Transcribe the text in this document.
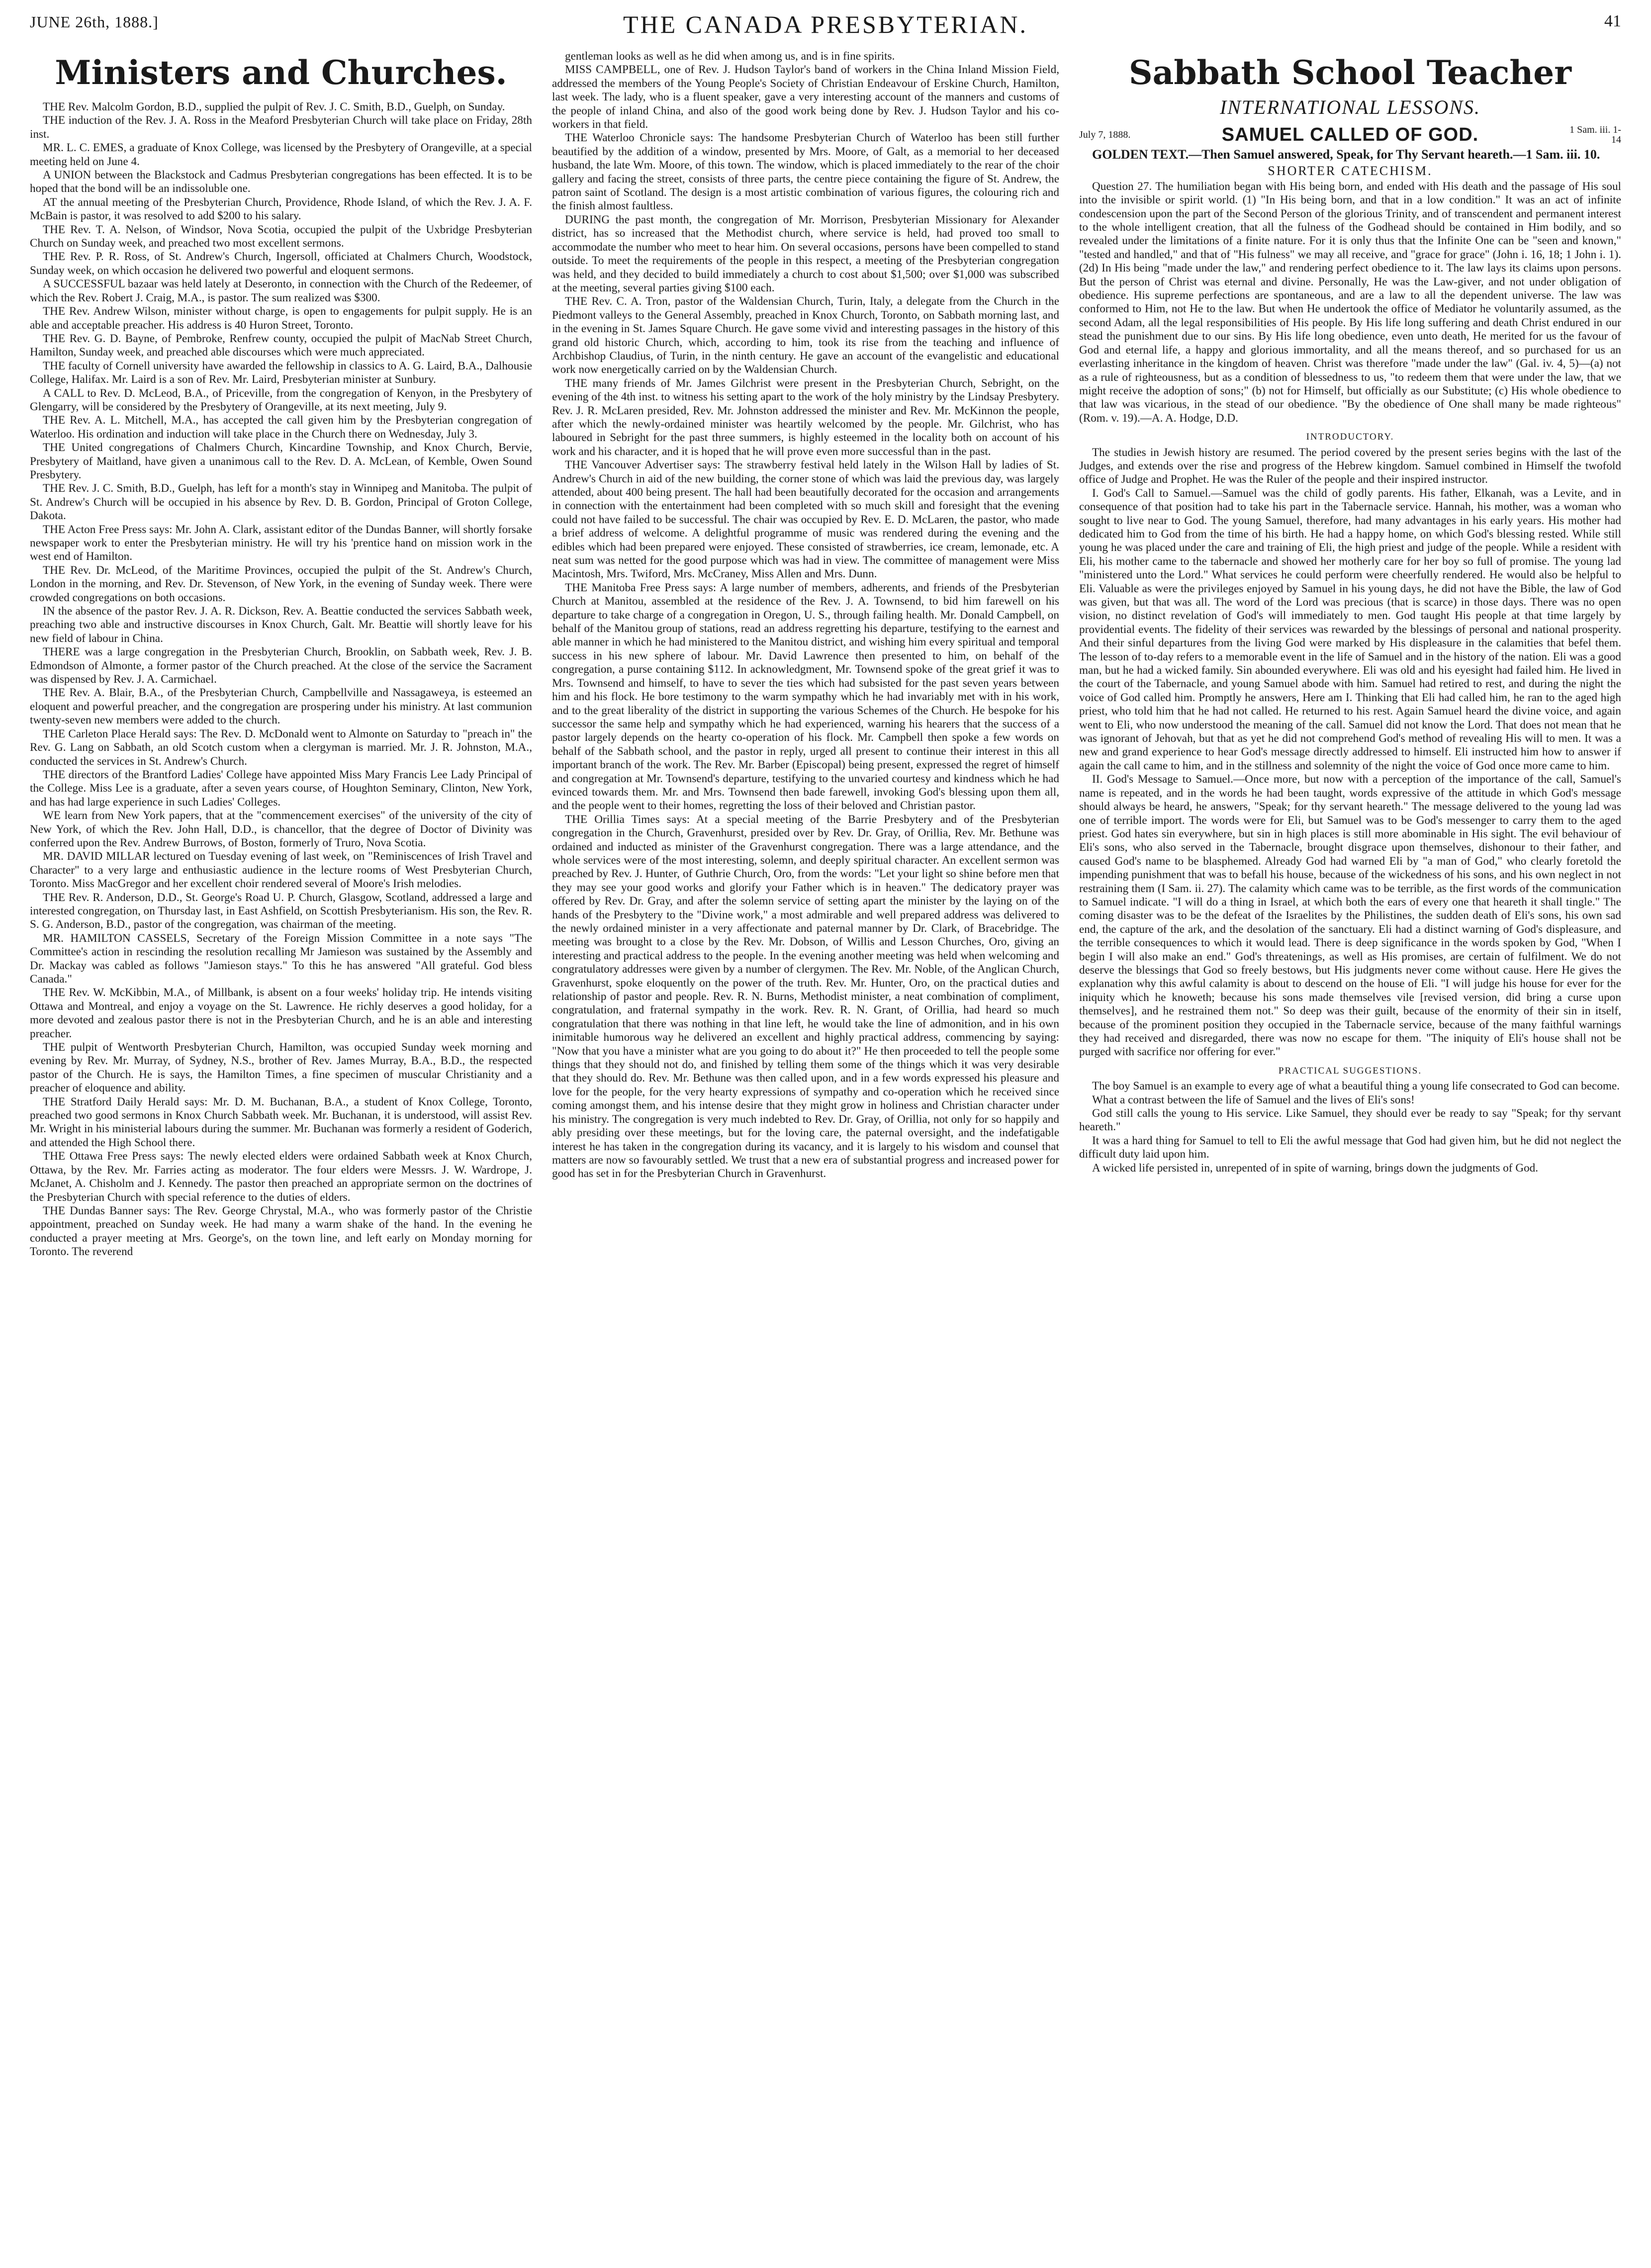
JUNE 26th, 1888.]	THE CANADA PRESBYTERIAN.	41
Ministers and Churches.

THE Rev. Malcolm Gordon, B.D., supplied the pulpit of Rev. J. C. Smith, B.D., Guelph, on Sunday.

THE induction of the Rev. J. A. Ross in the Meaford Presbyterian Church will take place on Friday, 28th inst.

MR. L. C. EMES, a graduate of Knox College, was licensed by the Presbytery of Orangeville, at a special meeting held on June 4.

A UNION between the Blackstock and Cadmus Presbyterian congregations has been effected. It is to be hoped that the bond will be an indissoluble one.

AT the annual meeting of the Presbyterian Church, Providence, Rhode Island, of which the Rev. J. A. F. McBain is pastor, it was resolved to add $200 to his salary.

THE Rev. T. A. Nelson, of Windsor, Nova Scotia, occupied the pulpit of the Uxbridge Presbyterian Church on Sunday week, and preached two most excellent sermons.

THE Rev. P. R. Ross, of St. Andrew's Church, Ingersoll, officiated at Chalmers Church, Woodstock, Sunday week, on which occasion he delivered two powerful and eloquent sermons.

A SUCCESSFUL bazaar was held lately at Deseronto, in connection with the Church of the Redeemer, of which the Rev. Robert J. Craig, M.A., is pastor. The sum realized was $300.

THE Rev. Andrew Wilson, minister without charge, is open to engagements for pulpit supply. He is an able and acceptable preacher. His address is 40 Huron Street, Toronto.

THE Rev. G. D. Bayne, of Pembroke, Renfrew county, occupied the pulpit of MacNab Street Church, Hamilton, Sunday week, and preached able discourses which were much appreciated.

THE faculty of Cornell university have awarded the fellowship in classics to A. G. Laird, B.A., Dalhousie College, Halifax. Mr. Laird is a son of Rev. Mr. Laird, Presbyterian minister at Sunbury.

A CALL to Rev. D. McLeod, B.A., of Priceville, from the congregation of Kenyon, in the Presbytery of Glengarry, will be considered by the Presbytery of Orangeville, at its next meeting, July 9.

THE Rev. A. L. Mitchell, M.A., has accepted the call given him by the Presbyterian congregation of Waterloo. His ordination and induction will take place in the Church there on Wednesday, July 3.

THE United congregations of Chalmers Church, Kincardine Township, and Knox Church, Bervie, Presbytery of Maitland, have given a unanimous call to the Rev. D. A. McLean, of Kemble, Owen Sound Presbytery.

THE Rev. J. C. Smith, B.D., Guelph, has left for a month's stay in Winnipeg and Manitoba. The pulpit of St. Andrew's Church will be occupied in his absence by Rev. D. B. Gordon, Principal of Groton College, Dakota.

THE Acton Free Press says: Mr. John A. Clark, assistant editor of the Dundas Banner, will shortly forsake newspaper work to enter the Presbyterian ministry. He will try his 'prentice hand on mission work in the west end of Hamilton.

THE Rev. Dr. McLeod, of the Maritime Provinces, occupied the pulpit of the St. Andrew's Church, London in the morning, and Rev. Dr. Stevenson, of New York, in the evening of Sunday week. There were crowded congregations on both occasions.

IN the absence of the pastor Rev. J. A. R. Dickson, Rev. A. Beattie conducted the services Sabbath week, preaching two able and instructive discourses in Knox Church, Galt. Mr. Beattie will shortly leave for his new field of labour in China.

THERE was a large congregation in the Presbyterian Church, Brooklin, on Sabbath week, Rev. J. B. Edmondson of Almonte, a former pastor of the Church preached. At the close of the service the Sacrament was dispensed by Rev. J. A. Carmichael.

THE Rev. A. Blair, B.A., of the Presbyterian Church, Campbellville and Nassagaweya, is esteemed an eloquent and powerful preacher, and the congregation are prospering under his ministry. At last communion twenty-seven new members were added to the church.

THE Carleton Place Herald says: The Rev. D. McDonald went to Almonte on Saturday to "preach in" the Rev. G. Lang on Sabbath, an old Scotch custom when a clergyman is married. Mr. J. R. Johnston, M.A., conducted the services in St. Andrew's Church.

THE directors of the Brantford Ladies' College have appointed Miss Mary Francis Lee Lady Principal of the College. Miss Lee is a graduate, after a seven years course, of Houghton Seminary, Clinton, New York, and has had large experience in such Ladies' Colleges.

WE learn from New York papers, that at the "commencement exercises" of the university of the city of New York, of which the Rev. John Hall, D.D., is chancellor, that the degree of Doctor of Divinity was conferred upon the Rev. Andrew Burrows, of Boston, formerly of Truro, Nova Scotia.

MR. DAVID MILLAR lectured on Tuesday evening of last week, on "Reminiscences of Irish Travel and Character" to a very large and enthusiastic audience in the lecture rooms of West Presbyterian Church, Toronto. Miss MacGregor and her excellent choir rendered several of Moore's Irish melodies.

THE Rev. R. Anderson, D.D., St. George's Road U. P. Church, Glasgow, Scotland, addressed a large and interested congregation, on Thursday last, in East Ashfield, on Scottish Presbyterianism. His son, the Rev. R. S. G. Anderson, B.D., pastor of the congregation, was chairman of the meeting.

MR. HAMILTON CASSELS, Secretary of the Foreign Mission Committee in a note says "The Committee's action in rescinding the resolution recalling Mr Jamieson was sustained by the Assembly and Dr. Mackay was cabled as follows "Jamieson stays." To this he has answered "All grateful. God bless Canada."

THE Rev. W. McKibbin, M.A., of Millbank, is absent on a four weeks' holiday trip. He intends visiting Ottawa and Montreal, and enjoy a voyage on the St. Lawrence. He richly deserves a good holiday, for a more devoted and zealous pastor there is not in the Presbyterian Church, and he is an able and interesting preacher.

THE pulpit of Wentworth Presbyterian Church, Hamilton, was occupied Sunday week morning and evening by Rev. Mr. Murray, of Sydney, N.S., brother of Rev. James Murray, B.A., B.D., the respected pastor of the Church. He is says, the Hamilton Times, a fine specimen of muscular Christianity and a preacher of eloquence and ability.

THE Stratford Daily Herald says: Mr. D. M. Buchanan, B.A., a student of Knox College, Toronto, preached two good sermons in Knox Church Sabbath week. Mr. Buchanan, it is understood, will assist Rev. Mr. Wright in his ministerial labours during the summer. Mr. Buchanan was formerly a resident of Goderich, and attended the High School there.

THE Ottawa Free Press says: The newly elected elders were ordained Sabbath week at Knox Church, Ottawa, by the Rev. Mr. Farries acting as moderator. The four elders were Messrs. J. W. Wardrope, J. McJanet, A. Chisholm and J. Kennedy. The pastor then preached an appropriate sermon on the doctrines of the Presbyterian Church with special reference to the duties of elders.

THE Dundas Banner says: The Rev. George Chrystal, M.A., who was formerly pastor of the Christie appointment, preached on Sunday week. He had many a warm shake of the hand. In the evening he conducted a prayer meeting at Mrs. George's, on the town line, and left early on Monday morning for Toronto. The reverend

gentleman looks as well as he did when among us, and is in fine spirits.

MISS CAMPBELL, one of Rev. J. Hudson Taylor's band of workers in the China Inland Mission Field, addressed the members of the Young People's Society of Christian Endeavour of Erskine Church, Hamilton, last week. The lady, who is a fluent speaker, gave a very interesting account of the manners and customs of the people of inland China, and also of the good work being done by Rev. J. Hudson Taylor and his co-workers in that field.

THE Waterloo Chronicle says: The handsome Presbyterian Church of Waterloo has been still further beautified by the addition of a window, presented by Mrs. Moore, of Galt, as a memorial to her deceased husband, the late Wm. Moore, of this town. The window, which is placed immediately to the rear of the choir gallery and facing the street, consists of three parts, the centre piece containing the figure of St. Andrew, the patron saint of Scotland. The design is a most artistic combination of various figures, the colouring rich and the finish almost faultless.

DURING the past month, the congregation of Mr. Morrison, Presbyterian Missionary for Alexander district, has so increased that the Methodist church, where service is held, had proved too small to accommodate the number who meet to hear him. On several occasions, persons have been compelled to stand outside. To meet the requirements of the people in this respect, a meeting of the Presbyterian congregation was held, and they decided to build immediately a church to cost about $1,500; over $1,000 was subscribed at the meeting, several parties giving $100 each.

THE Rev. C. A. Tron, pastor of the Waldensian Church, Turin, Italy, a delegate from the Church in the Piedmont valleys to the General Assembly, preached in Knox Church, Toronto, on Sabbath morning last, and in the evening in St. James Square Church. He gave some vivid and interesting passages in the history of this grand old historic Church, which, according to him, took its rise from the teaching and influence of Archbishop Claudius, of Turin, in the ninth century. He gave an account of the evangelistic and educational work now energetically carried on by the Waldensian Church.

THE many friends of Mr. James Gilchrist were present in the Presbyterian Church, Sebright, on the evening of the 4th inst. to witness his setting apart to the work of the holy ministry by the Lindsay Presbytery. Rev. J. R. McLaren presided, Rev. Mr. Johnston addressed the minister and Rev. Mr. McKinnon the people, after which the newly-ordained minister was heartily welcomed by the people. Mr. Gilchrist, who has laboured in Sebright for the past three summers, is highly esteemed in the locality both on account of his work and his character, and it is hoped that he will prove even more successful than in the past.

THE Vancouver Advertiser says: The strawberry festival held lately in the Wilson Hall by ladies of St. Andrew's Church in aid of the new building, the corner stone of which was laid the previous day, was largely attended, about 400 being present. The hall had been beautifully decorated for the occasion and arrangements in connection with the entertainment had been completed with so much skill and foresight that the evening could not have failed to be successful. The chair was occupied by Rev. E. D. McLaren, the pastor, who made a brief address of welcome. A delightful programme of music was rendered during the evening and the edibles which had been prepared were enjoyed. These consisted of strawberries, ice cream, lemonade, etc. A neat sum was netted for the good purpose which was had in view. The committee of management were Miss Macintosh, Mrs. Twiford, Mrs. McCraney, Miss Allen and Mrs. Dunn.

THE Manitoba Free Press says: A large number of members, adherents, and friends of the Presbyterian Church at Manitou, assembled at the residence of the Rev. J. A. Townsend, to bid him farewell on his departure to take charge of a congregation in Oregon, U. S., through failing health. Mr. Donald Campbell, on behalf of the Manitou group of stations, read an address regretting his departure, testifying to the earnest and able manner in which he had ministered to the Manitou district, and wishing him every spiritual and temporal success in his new sphere of labour. Mr. David Lawrence then presented to him, on behalf of the congregation, a purse containing $112. In acknowledgment, Mr. Townsend spoke of the great grief it was to Mrs. Townsend and himself, to have to sever the ties which had subsisted for the past seven years between him and his flock. He bore testimony to the warm sympathy which he had invariably met with in his work, and to the great liberality of the district in supporting the various Schemes of the Church. He bespoke for his successor the same help and sympathy which he had experienced, warning his hearers that the success of a pastor largely depends on the hearty co-operation of his flock. Mr. Campbell then spoke a few words on behalf of the Sabbath school, and the pastor in reply, urged all present to continue their interest in this all important branch of the work. The Rev. Mr. Barber (Episcopal) being present, expressed the regret of himself and congregation at Mr. Townsend's departure, testifying to the unvaried courtesy and kindness which he had evinced towards them. Mr. and Mrs. Townsend then bade farewell, invoking God's blessing upon them all, and the people went to their homes, regretting the loss of their beloved and Christian pastor.

THE Orillia Times says: At a special meeting of the Barrie Presbytery and of the Presbyterian congregation in the Church, Gravenhurst, presided over by Rev. Dr. Gray, of Orillia, Rev. Mr. Bethune was ordained and inducted as minister of the Gravenhurst congregation. There was a large attendance, and the whole services were of the most interesting, solemn, and deeply spiritual character. An excellent sermon was preached by Rev. J. Hunter, of Guthrie Church, Oro, from the words: "Let your light so shine before men that they may see your good works and glorify your Father which is in heaven." The dedicatory prayer was offered by Rev. Dr. Gray, and after the solemn service of setting apart the minister by the laying on of the hands of the Presbytery to the "Divine work," a most admirable and well prepared address was delivered to the newly ordained minister in a very affectionate and paternal manner by Dr. Clark, of Bracebridge. The meeting was brought to a close by the Rev. Mr. Dobson, of Willis and Lesson Churches, Oro, giving an interesting and practical address to the people. In the evening another meeting was held when welcoming and congratulatory addresses were given by a number of clergymen. The Rev. Mr. Noble, of the Anglican Church, Gravenhurst, spoke eloquently on the power of the truth. Rev. Mr. Hunter, Oro, on the practical duties and relationship of pastor and people. Rev. R. N. Burns, Methodist minister, a neat combination of compliment, congratulation, and fraternal sympathy in the work. Rev. R. N. Grant, of Orillia, had heard so much congratulation that there was nothing in that line left, he would take the line of admonition, and in his own inimitable humorous way he delivered an excellent and highly practical address, commencing by saying: "Now that you have a minister what are you going to do about it?" He then proceeded to tell the people some things that they should not do, and finished by telling them some of the things which it was very desirable that they should do. Rev. Mr. Bethune was then called upon, and in a few words expressed his pleasure and love for the people, for the very hearty expressions of sympathy and co-operation which he received since coming amongst them, and his intense desire that they might grow in holiness and Christian character under his ministry. The congregation is very much indebted to Rev. Dr. Gray, of Orillia, not only for so happily and ably presiding over these meetings, but for the loving care, the paternal oversight, and the indefatigable interest he has taken in the congregation during its vacancy, and it is largely to his wisdom and counsel that matters are now so favourably settled. We trust that a new era of substantial progress and increased power for good has set in for the Presbyterian Church in Gravenhurst.

Sabbath School Teacher
INTERNATIONAL LESSONS.
July 7, 1888.	SAMUEL CALLED OF GOD.	1 Sam. iii. 1-14

GOLDEN TEXT.—Then Samuel answered, Speak, for Thy Servant heareth.—1 Sam. iii. 10.

SHORTER CATECHISM.

Question 27. The humiliation began with His being born, and ended with His death and the passage of His soul into the invisible or spirit world. (1) "In His being born, and that in a low condition." It was an act of infinite condescension upon the part of the Second Person of the glorious Trinity, and of transcendent and permanent interest to the whole intelligent creation, that all the fulness of the Godhead should be contained in Him bodily, and so revealed under the limitations of a finite nature. For it is only thus that the Infinite One can be "seen and known," "tested and handled," and that of "His fulness" we may all receive, and "grace for grace" (John i. 16, 18; 1 John i. 1). (2d) In His being "made under the law," and rendering perfect obedience to it. The law lays its claims upon persons. But the person of Christ was eternal and divine. Personally, He was the Law-giver, and not under obligation of obedience. His supreme perfections are spontaneous, and are a law to all the dependent universe. The law was conformed to Him, not He to the law. But when He undertook the office of Mediator he voluntarily assumed, as the second Adam, all the legal responsibilities of His people. By His life long suffering and death Christ endured in our stead the punishment due to our sins. By His life long obedience, even unto death, He merited for us the favour of God and eternal life, a happy and glorious immortality, and all the means thereof, and so purchased for us an everlasting inheritance in the kingdom of heaven. Christ was therefore "made under the law" (Gal. iv. 4, 5)—(a) not as a rule of righteousness, but as a condition of blessedness to us, "to redeem them that were under the law, that we might receive the adoption of sons;" (b) not for Himself, but officially as our Substitute; (c) His whole obedience to that law was vicarious, in the stead of our obedience. "By the obedience of One shall many be made righteous" (Rom. v. 19).—A. A. Hodge, D.D.

INTRODUCTORY.

The studies in Jewish history are resumed. The period covered by the present series begins with the last of the Judges, and extends over the rise and progress of the Hebrew kingdom. Samuel combined in Himself the twofold office of Judge and Prophet. He was the Ruler of the people and their inspired instructor.

I. God's Call to Samuel.—Samuel was the child of godly parents. His father, Elkanah, was a Levite, and in consequence of that position had to take his part in the Tabernacle service. Hannah, his mother, was a woman who sought to live near to God. The young Samuel, therefore, had many advantages in his early years. His mother had dedicated him to God from the time of his birth. He had a happy home, on which God's blessing rested. While still young he was placed under the care and training of Eli, the high priest and judge of the people. While a resident with Eli, his mother came to the tabernacle and showed her motherly care for her boy so full of promise. The young lad "ministered unto the Lord." What services he could perform were cheerfully rendered. He would also be helpful to Eli. Valuable as were the privileges enjoyed by Samuel in his young days, he did not have the Bible, the law of God was given, but that was all. The word of the Lord was precious (that is scarce) in those days. There was no open vision, no distinct revelation of God's will immediately to men. God taught His people at that time largely by providential events. The fidelity of their services was rewarded by the blessings of personal and national prosperity. And their sinful departures from the living God were marked by His displeasure in the calamities that befel them. The lesson of to-day refers to a memorable event in the life of Samuel and in the history of the nation. Eli was a good man, but he had a wicked family. Sin abounded everywhere. Eli was old and his eyesight had failed him. He lived in the court of the Tabernacle, and young Samuel abode with him. Samuel had retired to rest, and during the night the voice of God called him. Promptly he answers, Here am I. Thinking that Eli had called him, he ran to the aged high priest, who told him that he had not called. He returned to his rest. Again Samuel heard the divine voice, and again went to Eli, who now understood the meaning of the call. Samuel did not know the Lord. That does not mean that he was ignorant of Jehovah, but that as yet he did not comprehend God's method of revealing His will to men. It was a new and grand experience to hear God's message directly addressed to himself. Eli instructed him how to answer if again the call came to him, and in the stillness and solemnity of the night the voice of God once more came to him.

II. God's Message to Samuel.—Once more, but now with a perception of the importance of the call, Samuel's name is repeated, and in the words he had been taught, words expressive of the attitude in which God's message should always be heard, he answers, "Speak; for thy servant heareth." The message delivered to the young lad was one of terrible import. The words were for Eli, but Samuel was to be God's messenger to carry them to the aged priest. God hates sin everywhere, but sin in high places is still more abominable in His sight. The evil behaviour of Eli's sons, who also served in the Tabernacle, brought disgrace upon themselves, dishonour to their father, and caused God's name to be blasphemed. Already God had warned Eli by "a man of God," who clearly foretold the impending punishment that was to befall his house, because of the wickedness of his sons, and his own neglect in not restraining them (I Sam. ii. 27). The calamity which came was to be terrible, as the first words of the communication to Samuel indicate. "I will do a thing in Israel, at which both the ears of every one that heareth it shall tingle." The coming disaster was to be the defeat of the Israelites by the Philistines, the sudden death of Eli's sons, his own sad end, the capture of the ark, and the desolation of the sanctuary. Eli had a distinct warning of God's displeasure, and the terrible consequences to which it would lead. There is deep significance in the words spoken by God, "When I begin I will also make an end." God's threatenings, as well as His promises, are certain of fulfilment. We do not deserve the blessings that God so freely bestows, but His judgments never come without cause. Here He gives the explanation why this awful calamity is about to descend on the house of Eli. "I will judge his house for ever for the iniquity which he knoweth; because his sons made themselves vile [revised version, did bring a curse upon themselves], and he restrained them not." So deep was their guilt, because of the enormity of their sin in itself, because of the prominent position they occupied in the Tabernacle service, because of the many faithful warnings they had received and disregarded, there was now no escape for them. "The iniquity of Eli's house shall not be purged with sacrifice nor offering for ever."

PRACTICAL SUGGESTIONS.

The boy Samuel is an example to every age of what a beautiful thing a young life consecrated to God can become.

What a contrast between the life of Samuel and the lives of Eli's sons!

God still calls the young to His service. Like Samuel, they should ever be ready to say "Speak; for thy servant heareth."

It was a hard thing for Samuel to tell to Eli the awful message that God had given him, but he did not neglect the difficult duty laid upon him.

A wicked life persisted in, unrepented of in spite of warning, brings down the judgments of God.
